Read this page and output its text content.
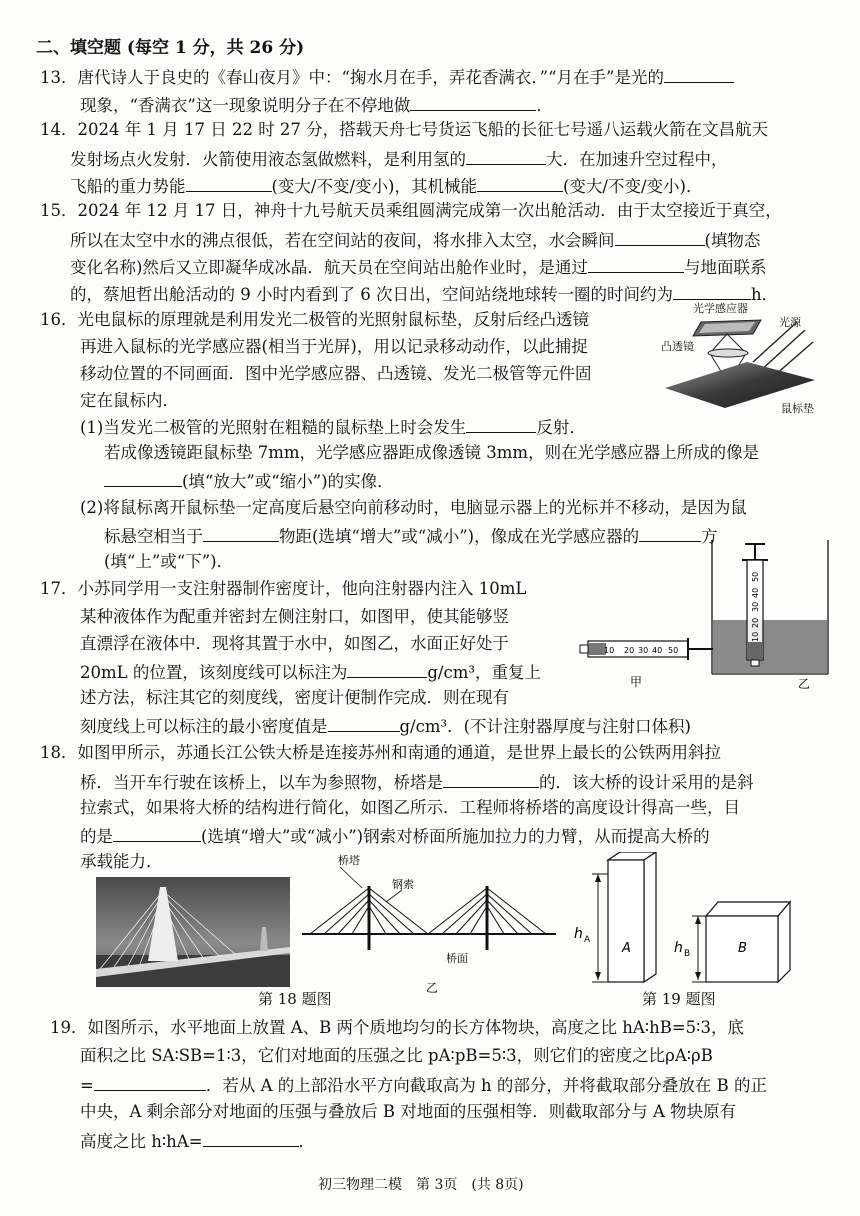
二、填空题 (每空 1 分，共 26 分)
13．唐代诗人于良史的《春山夜月》中：“掬水月在手，弄花香满衣．”“月在手”是光的
现象，“香满衣”这一现象说明分子在不停地做	．
14．2024 年 1 月 17 日 22 时 27 分，搭载天舟七号货运飞船的长征七号遥八运载火箭在文昌航天
发射场点火发射．火箭使用液态氢做燃料，是利用氢的	大．在加速升空过程中，
飞船的重力势能	(变大/不变/变小)，其机械能	(变大/不变/变小)．
15．2024 年 12 月 17 日，神舟十九号航天员乘组圆满完成第一次出舱活动．由于太空接近于真空，
所以在太空中水的沸点很低，若在空间站的夜间，将水排入太空，水会瞬间	(填物态
变化名称)然后又立即凝华成冰晶．航天员在空间站出舱作业时，是通过	与地面联系
的，蔡旭哲出舱活动的 9 小时内看到了 6 次日出，空间站绕地球转一圈的时间约为	h．
16．光电鼠标的原理就是利用发光二极管的光照射鼠标垫，反射后经凸透镜
再进入鼠标的光学感应器(相当于光屏)，用以记录移动动作，以此捕捉
移动位置的不同画面．图中光学感应器、凸透镜、发光二极管等元件固
定在鼠标内．
(1)当发光二极管的光照射在粗糙的鼠标垫上时会发生	反射．
若成像透镜距鼠标垫 7mm，光学感应器距成像透镜 3mm，则在光学感应器上所成的像是
(填“放大”或“缩小”)的实像．
(2)将鼠标离开鼠标垫一定高度后悬空向前移动时，电脑显示器上的光标并不移动，是因为鼠
标悬空相当于	物距(选填“增大”或“减小”)，像成在光学感应器的	方
(填“上”或“下”)．
光学感应器
光源
凸透镜
鼠标垫
17．小苏同学用一支注射器制作密度计，他向注射器内注入 10mL
某种液体作为配重并密封左侧注射口，如图甲，使其能够竖
直漂浮在液体中．现将其置于水中，如图乙，水面正好处于
20mL 的位置，该刻度线可以标注为	g/cm³，重复上
述方法，标注其它的刻度线，密度计便制作完成．则在现有
刻度线上可以标注的最小密度值是	g/cm³．(不计注射器厚度与注射口体积)
10 20 30 40 50
甲
50
40
30
20
10
乙
18．如图甲所示，苏通长江公铁大桥是连接苏州和南通的通道，是世界上最长的公铁两用斜拉
桥．当开车行驶在该桥上，以车为参照物，桥塔是	的．该大桥的设计采用的是斜
拉索式，如果将大桥的结构进行简化，如图乙所示．工程师将桥塔的高度设计得高一些，目
的是	(选填“增大”或“减小”)钢索对桥面所施加拉力的力臂，从而提高大桥的
承载能力．	桥塔
钢索
桥面
乙
第 18 题图
A
h A
B
h B
第 19 题图
19．如图所示，水平地面上放置 A、B 两个质地均匀的长方体物块，高度之比 hA∶hB=5∶3，底
面积之比 SA∶SB=1∶3，它们对地面的压强之比 pA∶pB=5∶3，则它们的密度之比ρA∶ρB
=	．若从 A 的上部沿水平方向截取高为 h 的部分，并将截取部分叠放在 B 的正
中央，A 剩余部分对地面的压强与叠放后 B 对地面的压强相等．则截取部分与 A 物块原有
高度之比 h∶hA=	．
初三物理二模　第 3页　(共 8页)
